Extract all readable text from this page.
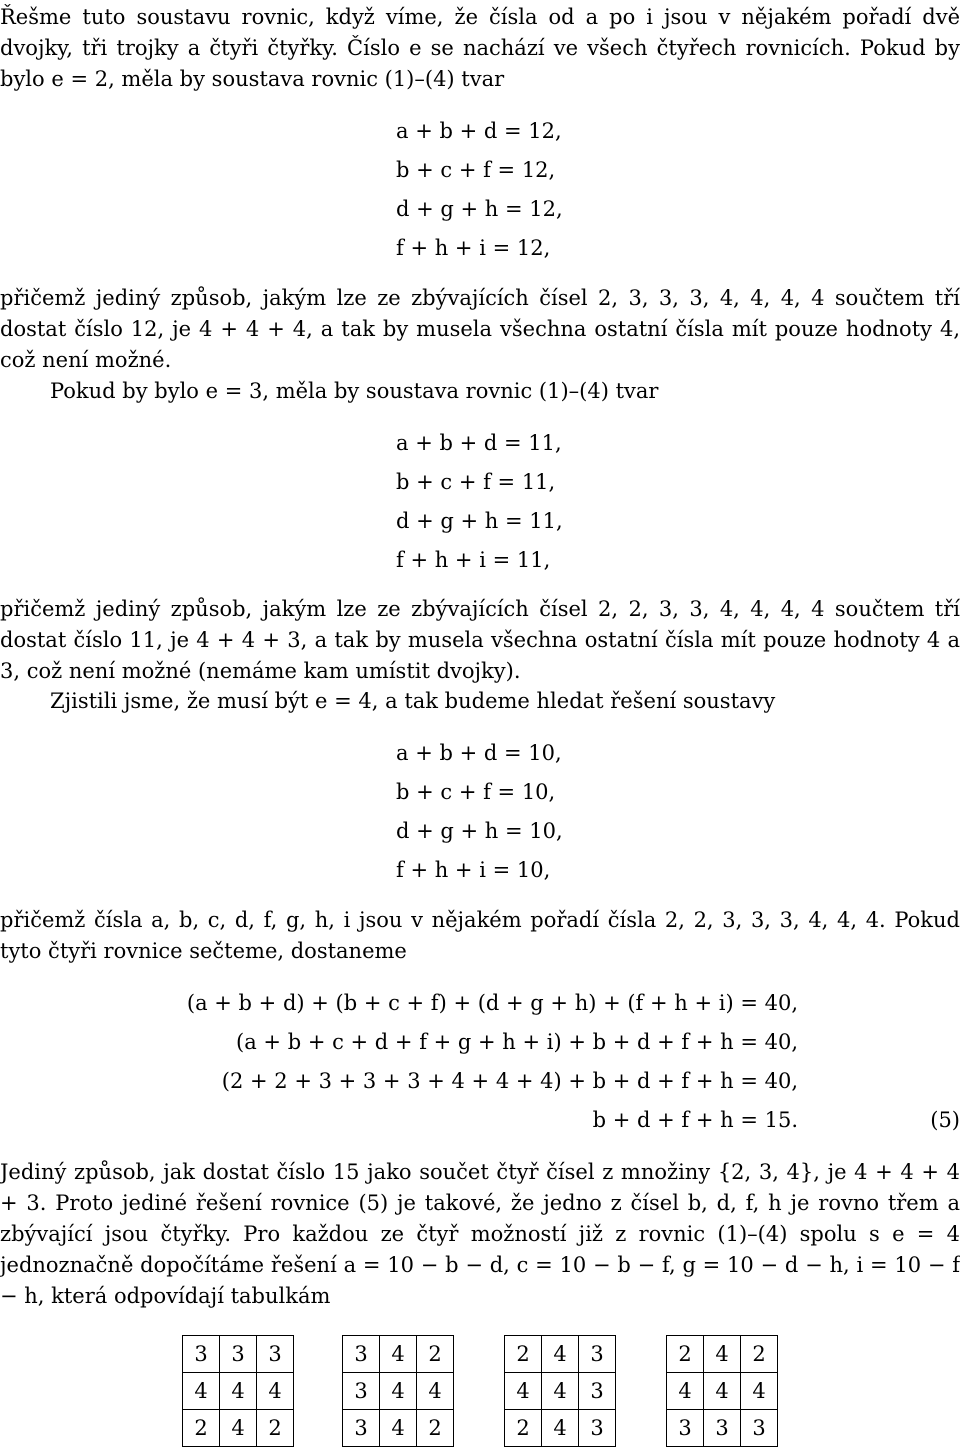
Řešme tuto soustavu rovnic, když víme, že čísla od a po i jsou v nějakém pořadí dvě dvojky, tři trojky a čtyři čtyřky. Číslo e se nachází ve všech čtyřech rovnicích. Pokud by bylo e = 2, měla by soustava rovnic (1)–(4) tvar
a + b + d = 12,
b + c + f = 12,
d + g + h = 12,
f + h + i = 12,
přičemž jediný způsob, jakým lze ze zbývajících čísel 2, 3, 3, 3, 4, 4, 4, 4 součtem tří dostat číslo 12, je 4 + 4 + 4, a tak by musela všechna ostatní čísla mít pouze hodnoty 4, což není možné.
Pokud by bylo e = 3, měla by soustava rovnic (1)–(4) tvar
a + b + d = 11,
b + c + f = 11,
d + g + h = 11,
f + h + i = 11,
přičemž jediný způsob, jakým lze ze zbývajících čísel 2, 2, 3, 3, 4, 4, 4, 4 součtem tří dostat číslo 11, je 4 + 4 + 3, a tak by musela všechna ostatní čísla mít pouze hodnoty 4 a 3, což není možné (nemáme kam umístit dvojky).
Zjistili jsme, že musí být e = 4, a tak budeme hledat řešení soustavy
a + b + d = 10,
b + c + f = 10,
d + g + h = 10,
f + h + i = 10,
přičemž čísla a, b, c, d, f, g, h, i jsou v nějakém pořadí čísla 2, 2, 3, 3, 3, 4, 4, 4. Pokud tyto čtyři rovnice sečteme, dostaneme
(a + b + d) + (b + c + f) + (d + g + h) + (f + h + i) = 40,
(a + b + c + d + f + g + h + i) + b + d + f + h = 40,
(2 + 2 + 3 + 3 + 3 + 4 + 4 + 4) + b + d + f + h = 40,
b + d + f + h = 15.	(5)
Jediný způsob, jak dostat číslo 15 jako součet čtyř čísel z množiny {2, 3, 4}, je 4 + 4 + 4 + 3. Proto jediné řešení rovnice (5) je takové, že jedno z čísel b, d, f, h je rovno třem a zbývající jsou čtyřky. Pro každou ze čtyř možností již z rovnic (1)–(4) spolu s e = 4 jednoznačně dopočítáme řešení a = 10 − b − d, c = 10 − b − f, g = 10 − d − h, i = 10 − f − h, která odpovídají tabulkám
3	3	3
4	4	4
2	4	2
3	4	2
3	4	4
3	4	2
2	4	3
4	4	3
2	4	3
2	4	2
4	4	4
3	3	3
